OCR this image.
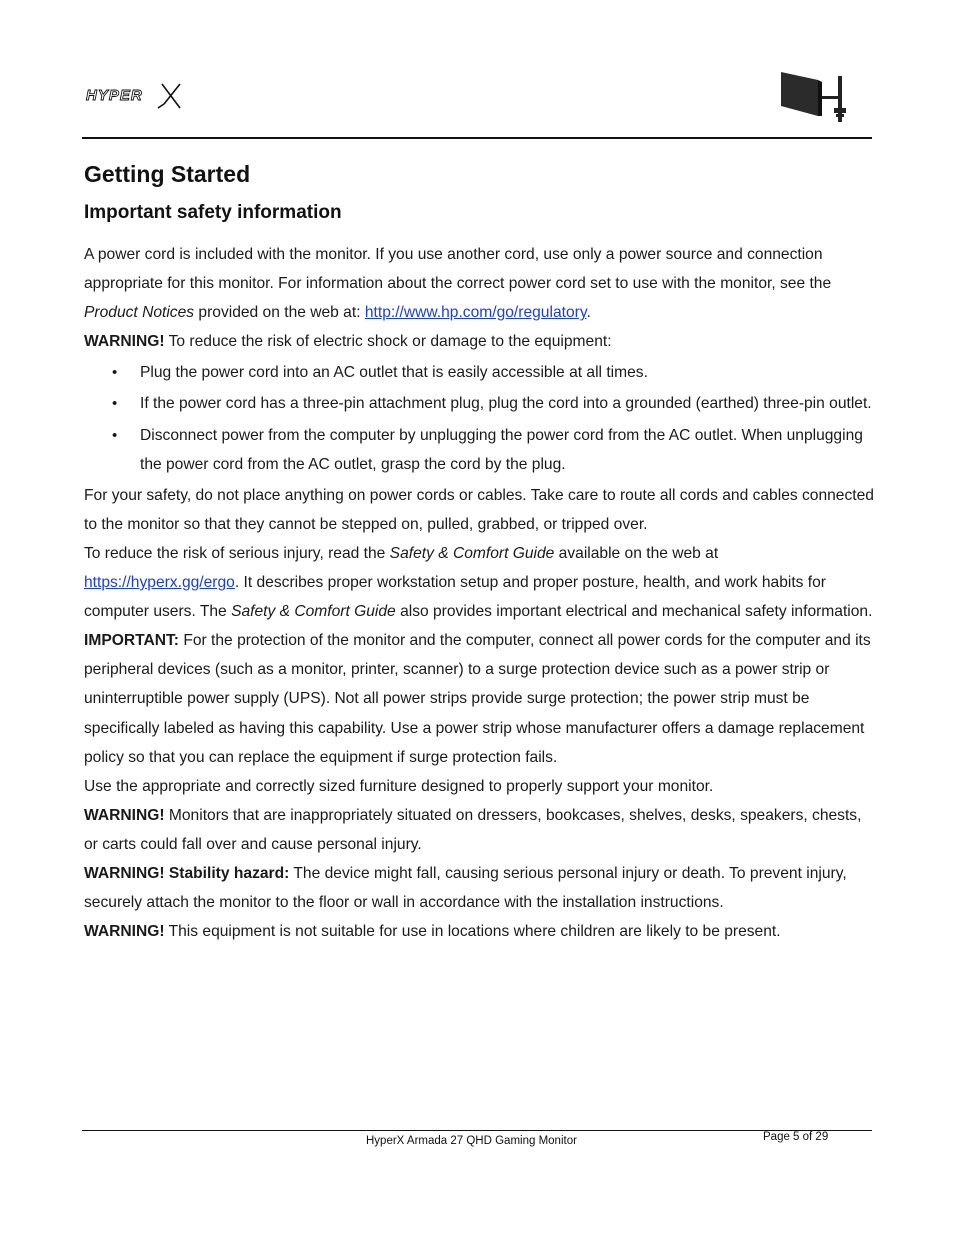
HYPER
Getting Started
Important safety information

A power cord is included with the monitor. If you use another cord, use only a power source and connection appropriate for this monitor. For information about the correct power cord set to use with the monitor, see the Product Notices provided on the web at: http://www.hp.com/go/regulatory.

WARNING! To reduce the risk of electric shock or damage to the equipment:

• Plug the power cord into an AC outlet that is easily accessible at all times.
• If the power cord has a three-pin attachment plug, plug the cord into a grounded (earthed) three-pin outlet.
• Disconnect power from the computer by unplugging the power cord from the AC outlet. When unplugging the power cord from the AC outlet, grasp the cord by the plug.

For your safety, do not place anything on power cords or cables. Take care to route all cords and cables connected to the monitor so that they cannot be stepped on, pulled, grabbed, or tripped over.

To reduce the risk of serious injury, read the Safety & Comfort Guide available on the web at https://hyperx.gg/ergo. It describes proper workstation setup and proper posture, health, and work habits for computer users. The Safety & Comfort Guide also provides important electrical and mechanical safety information.

IMPORTANT: For the protection of the monitor and the computer, connect all power cords for the computer and its peripheral devices (such as a monitor, printer, scanner) to a surge protection device such as a power strip or uninterruptible power supply (UPS). Not all power strips provide surge protection; the power strip must be specifically labeled as having this capability. Use a power strip whose manufacturer offers a damage replacement policy so that you can replace the equipment if surge protection fails.

Use the appropriate and correctly sized furniture designed to properly support your monitor.

WARNING! Monitors that are inappropriately situated on dressers, bookcases, shelves, desks, speakers, chests, or carts could fall over and cause personal injury.

WARNING! Stability hazard: The device might fall, causing serious personal injury or death. To prevent injury, securely attach the monitor to the floor or wall in accordance with the installation instructions.

WARNING! This equipment is not suitable for use in locations where children are likely to be present.

HyperX Armada 27 QHD Gaming Monitor	Page 5 of 29
